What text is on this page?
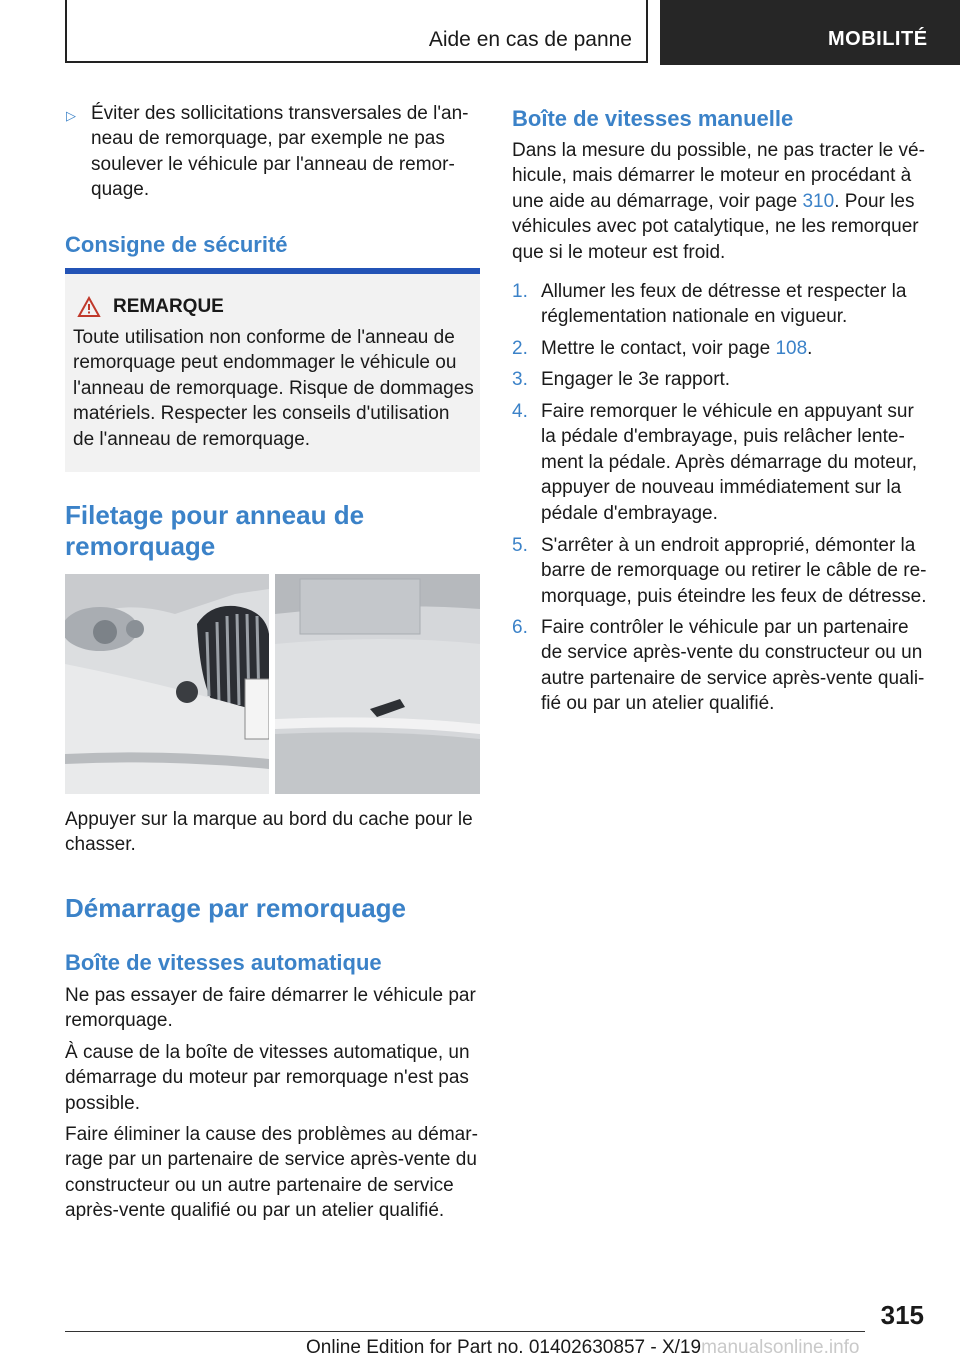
Aide en cas de panne	MOBILITÉ
▷ Éviter des sollicitations transversales de l'an-
neau de remorquage, par exemple ne pas
soulever le véhicule par l'anneau de remor-
quage.
Consigne de sécurité
REMARQUE
Toute utilisation non conforme de l'anneau de
remorquage peut endommager le véhicule ou
l'anneau de remorquage. Risque de dommages
matériels. Respecter les conseils d'utilisation
de l'anneau de remorquage.
Filetage pour anneau de
remorquage
Appuyer sur la marque au bord du cache pour le
chasser.
Démarrage par remorquage
Boîte de vitesses automatique
Ne pas essayer de faire démarrer le véhicule par
remorquage.
À cause de la boîte de vitesses automatique, un
démarrage du moteur par remorquage n'est pas
possible.
Faire éliminer la cause des problèmes au démar-
rage par un partenaire de service après-vente du
constructeur ou un autre partenaire de service
après-vente qualifié ou par un atelier qualifié.
Boîte de vitesses manuelle
Dans la mesure du possible, ne pas tracter le vé-
hicule, mais démarrer le moteur en procédant à
une aide au démarrage, voir page 310. Pour les
véhicules avec pot catalytique, ne les remorquer
que si le moteur est froid.
1. Allumer les feux de détresse et respecter la
réglementation nationale en vigueur.
2. Mettre le contact, voir page 108.
3. Engager le 3e rapport.
4. Faire remorquer le véhicule en appuyant sur
la pédale d'embrayage, puis relâcher lente-
ment la pédale. Après démarrage du moteur,
appuyer de nouveau immédiatement sur la
pédale d'embrayage.
5. S'arrêter à un endroit approprié, démonter la
barre de remorquage ou retirer le câble de re-
morquage, puis éteindre les feux de détresse.
6. Faire contrôler le véhicule par un partenaire
de service après-vente du constructeur ou un
autre partenaire de service après-vente quali-
fié ou par un atelier qualifié.
315
Online Edition for Part no. 01402630857 - X/19manualsonline.info
